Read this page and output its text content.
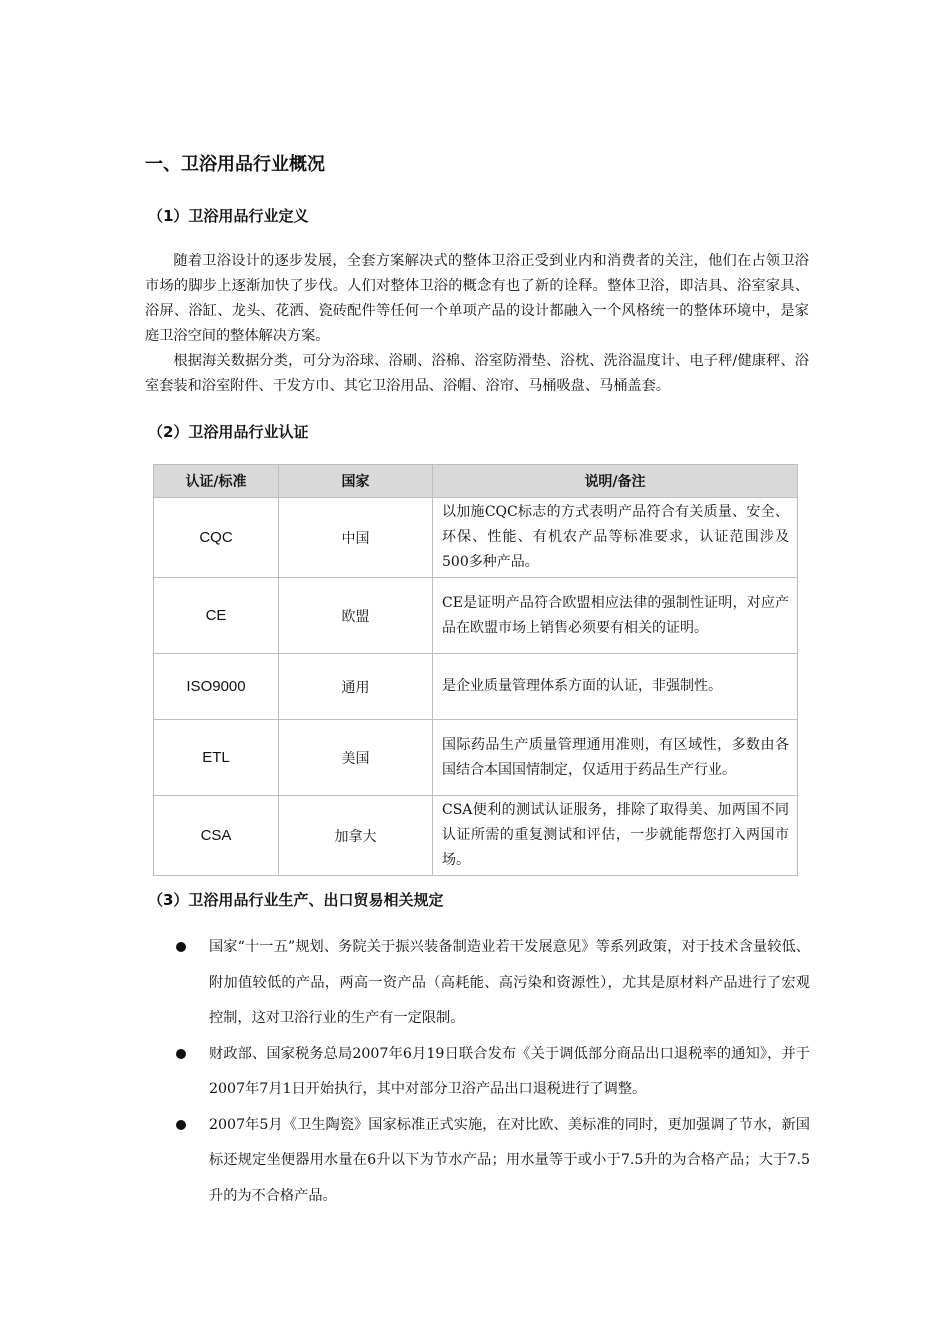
一、卫浴用品行业概况
（1）卫浴用品行业定义
随着卫浴设计的逐步发展，全套方案解决式的整体卫浴正受到业内和消费者的关注，他们在占领卫浴市场的脚步上逐渐加快了步伐。人们对整体卫浴的概念有也了新的诠释。整体卫浴，即洁具、浴室家具、浴屏、浴缸、龙头、花洒、瓷砖配件等任何一个单项产品的设计都融入一个风格统一的整体环境中，是家庭卫浴空间的整体解决方案。
根据海关数据分类，可分为浴球、浴刷、浴棉、浴室防滑垫、浴枕、洗浴温度计、电子秤/健康秤、浴室套装和浴室附件、干发方巾、其它卫浴用品、浴帽、浴帘、马桶吸盘、马桶盖套。
（2）卫浴用品行业认证
认证/标准	国家	说明/备注
CQC	中国	以加施CQC标志的方式表明产品符合有关质量、安全、环保、性能、有机农产品等标准要求，认证范围涉及500多种产品。
CE	欧盟	CE是证明产品符合欧盟相应法律的强制性证明，对应产品在欧盟市场上销售必须要有相关的证明。
ISO9000	通用	是企业质量管理体系方面的认证，非强制性。
ETL	美国	国际药品生产质量管理通用准则，有区域性，多数由各国结合本国国情制定，仅适用于药品生产行业。
CSA	加拿大	CSA便利的测试认证服务，排除了取得美、加两国不同认证所需的重复测试和评估，一步就能帮您打入两国市场。
（3）卫浴用品行业生产、出口贸易相关规定
国家“十一五”规划、务院关于振兴装备制造业若干发展意见》等系列政策，对于技术含量较低、附加值较低的产品，两高一资产品（高耗能、高污染和资源性），尤其是原材料产品进行了宏观控制，这对卫浴行业的生产有一定限制。
财政部、国家税务总局2007年6月19日联合发布《关于调低部分商品出口退税率的通知》，并于2007年7月1日开始执行，其中对部分卫浴产品出口退税进行了调整。
2007年5月《卫生陶瓷》国家标准正式实施，在对比欧、美标准的同时，更加强调了节水，新国标还规定坐便器用水量在6升以下为节水产品；用水量等于或小于7.5升的为合格产品；大于7.5升的为不合格产品。
